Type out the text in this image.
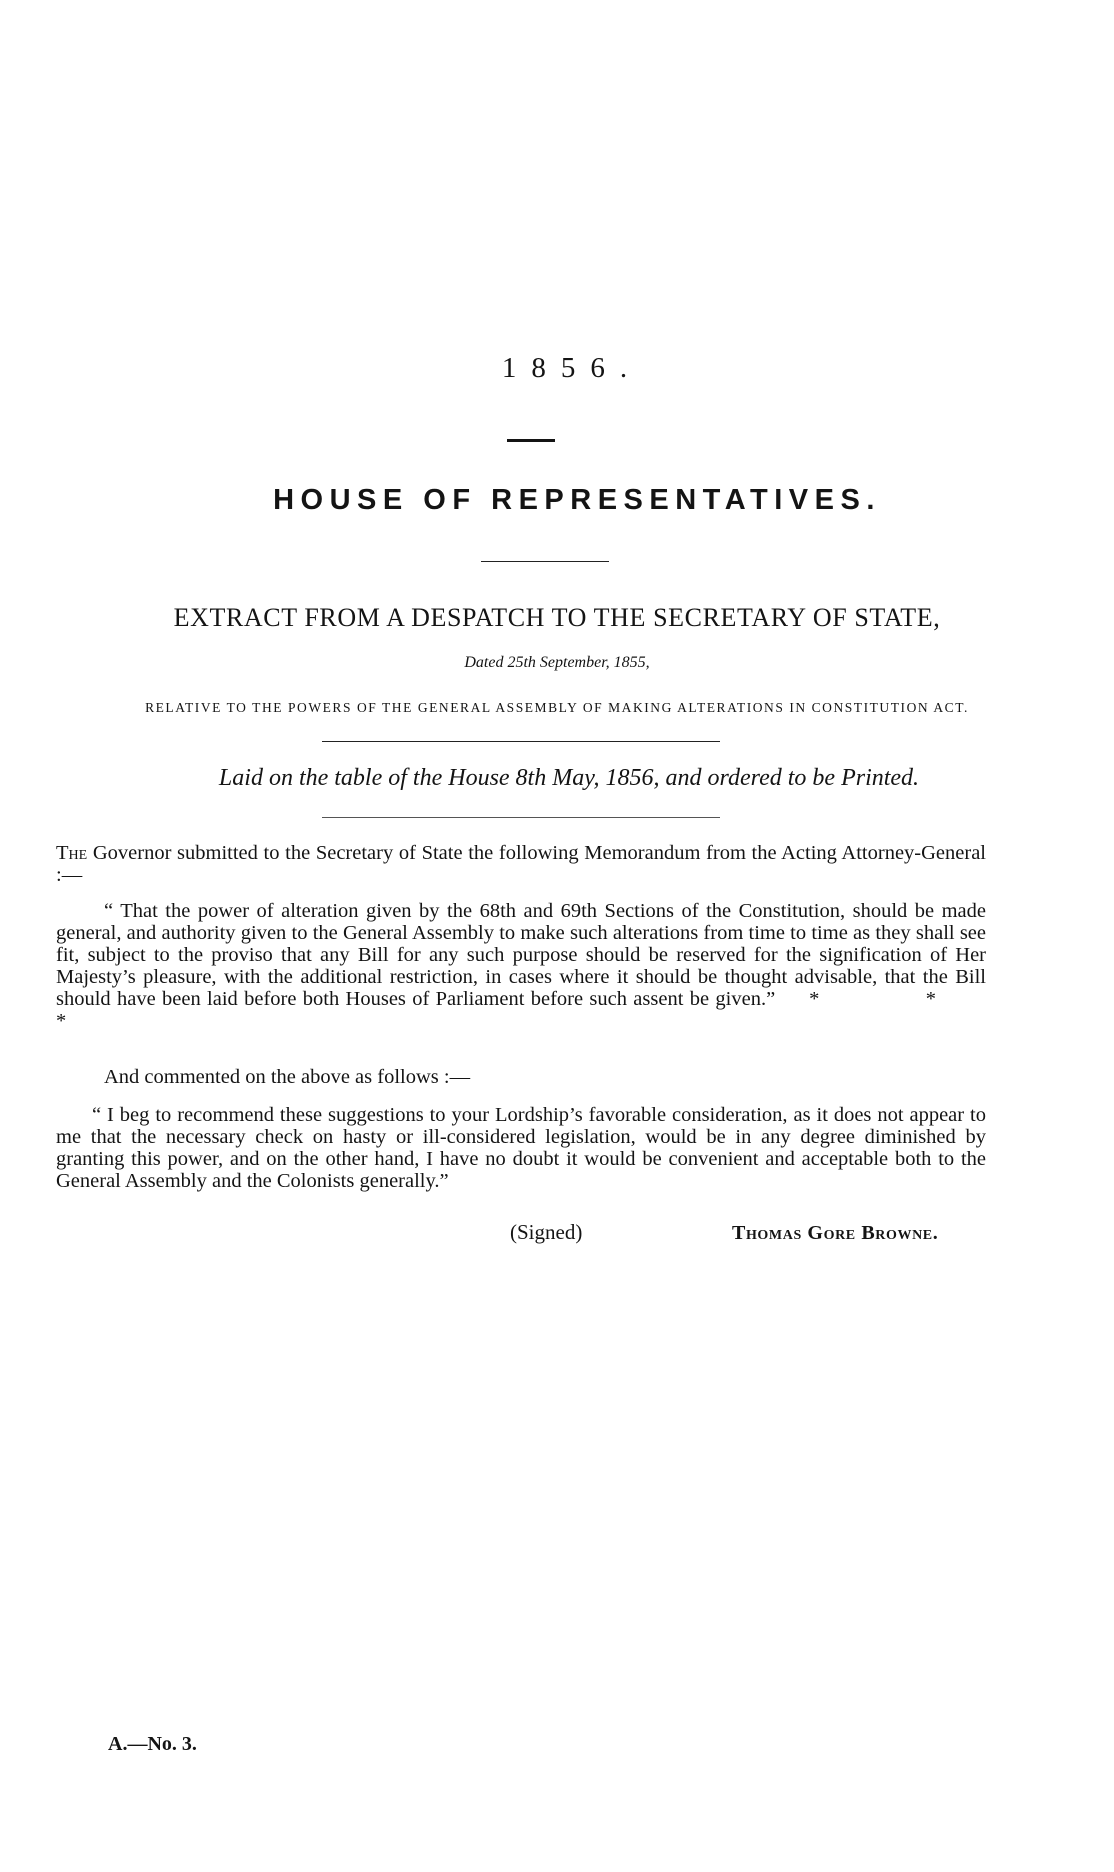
1856.
HOUSE OF REPRESENTATIVES.
EXTRACT FROM A DESPATCH TO THE SECRETARY OF STATE,
Dated 25th September, 1855,
RELATIVE TO THE POWERS OF THE GENERAL ASSEMBLY OF MAKING ALTERATIONS IN CONSTITUTION ACT.
Laid on the table of the House 8th May, 1856, and ordered to be Printed.
The Governor submitted to the Secretary of State the following Memorandum from the Acting Attorney-General :—
“ That the power of alteration given by the 68th and 69th Sections of the Constitution, should be made general, and authority given to the General Assembly to make such alterations from time to time as they shall see fit, subject to the proviso that any Bill for any such purpose should be reserved for the signification of Her Majesty’s pleasure, with the additional restriction, in cases where it should be thought advisable, that the Bill should have been laid before both Houses of Parliament before such assent be given.” * * *
And commented on the above as follows :—
“ I beg to recommend these suggestions to your Lordship’s favorable consideration, as it does not appear to me that the necessary check on hasty or ill-considered legislation, would be in any degree diminished by granting this power, and on the other hand, I have no doubt it would be convenient and acceptable both to the General Assembly and the Colonists generally.”
(Signed)	Thomas Gore Browne.
A.—No. 3.
